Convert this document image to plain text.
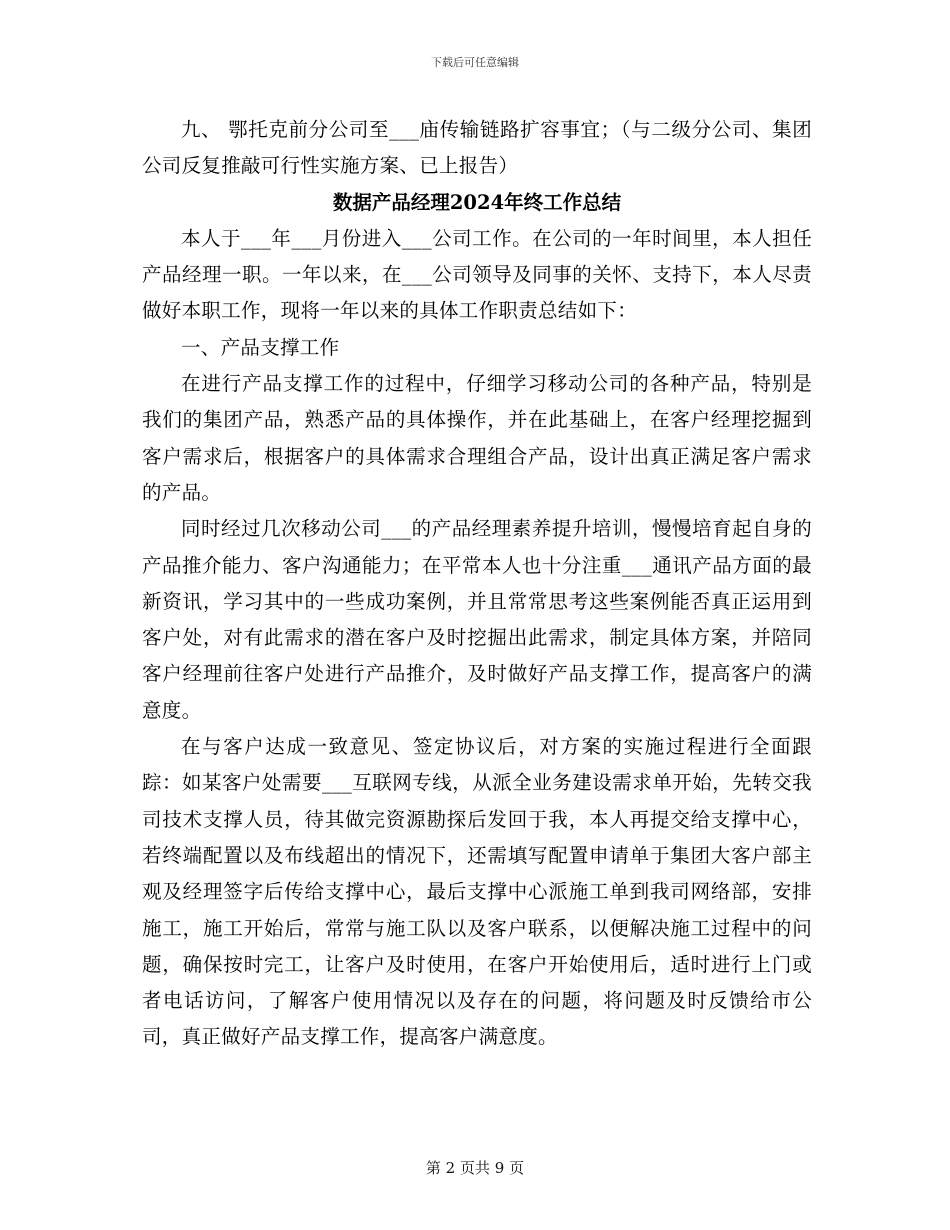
下载后可任意编辑

九、 鄂托克前分公司至___庙传输链路扩容事宜；（与二级分公司、集团公司反复推敲可行性实施方案、已上报告）

数据产品经理2024年终工作总结

本人于___年___月份进入___公司工作。在公司的一年时间里，本人担任产品经理一职。一年以来，在___公司领导及同事的关怀、支持下，本人尽责做好本职工作，现将一年以来的具体工作职责总结如下：

一、产品支撑工作

在进行产品支撑工作的过程中，仔细学习移动公司的各种产品，特别是我们的集团产品，熟悉产品的具体操作，并在此基础上，在客户经理挖掘到客户需求后，根据客户的具体需求合理组合产品，设计出真正满足客户需求的产品。

同时经过几次移动公司___的产品经理素养提升培训，慢慢培育起自身的产品推介能力、客户沟通能力；在平常本人也十分注重___通讯产品方面的最新资讯，学习其中的一些成功案例，并且常常思考这些案例能否真正运用到客户处，对有此需求的潜在客户及时挖掘出此需求，制定具体方案，并陪同客户经理前往客户处进行产品推介，及时做好产品支撑工作，提高客户的满意度。

在与客户达成一致意见、签定协议后，对方案的实施过程进行全面跟踪：如某客户处需要___互联网专线，从派全业务建设需求单开始，先转交我司技术支撑人员，待其做完资源勘探后发回于我，本人再提交给支撑中心，若终端配置以及布线超出的情况下，还需填写配置申请单于集团大客户部主观及经理签字后传给支撑中心，最后支撑中心派施工单到我司网络部，安排施工，施工开始后，常常与施工队以及客户联系，以便解决施工过程中的问题，确保按时完工，让客户及时使用，在客户开始使用后，适时进行上门或者电话访问，了解客户使用情况以及存在的问题，将问题及时反馈给市公司，真正做好产品支撑工作，提高客户满意度。

第 2 页共 9 页
